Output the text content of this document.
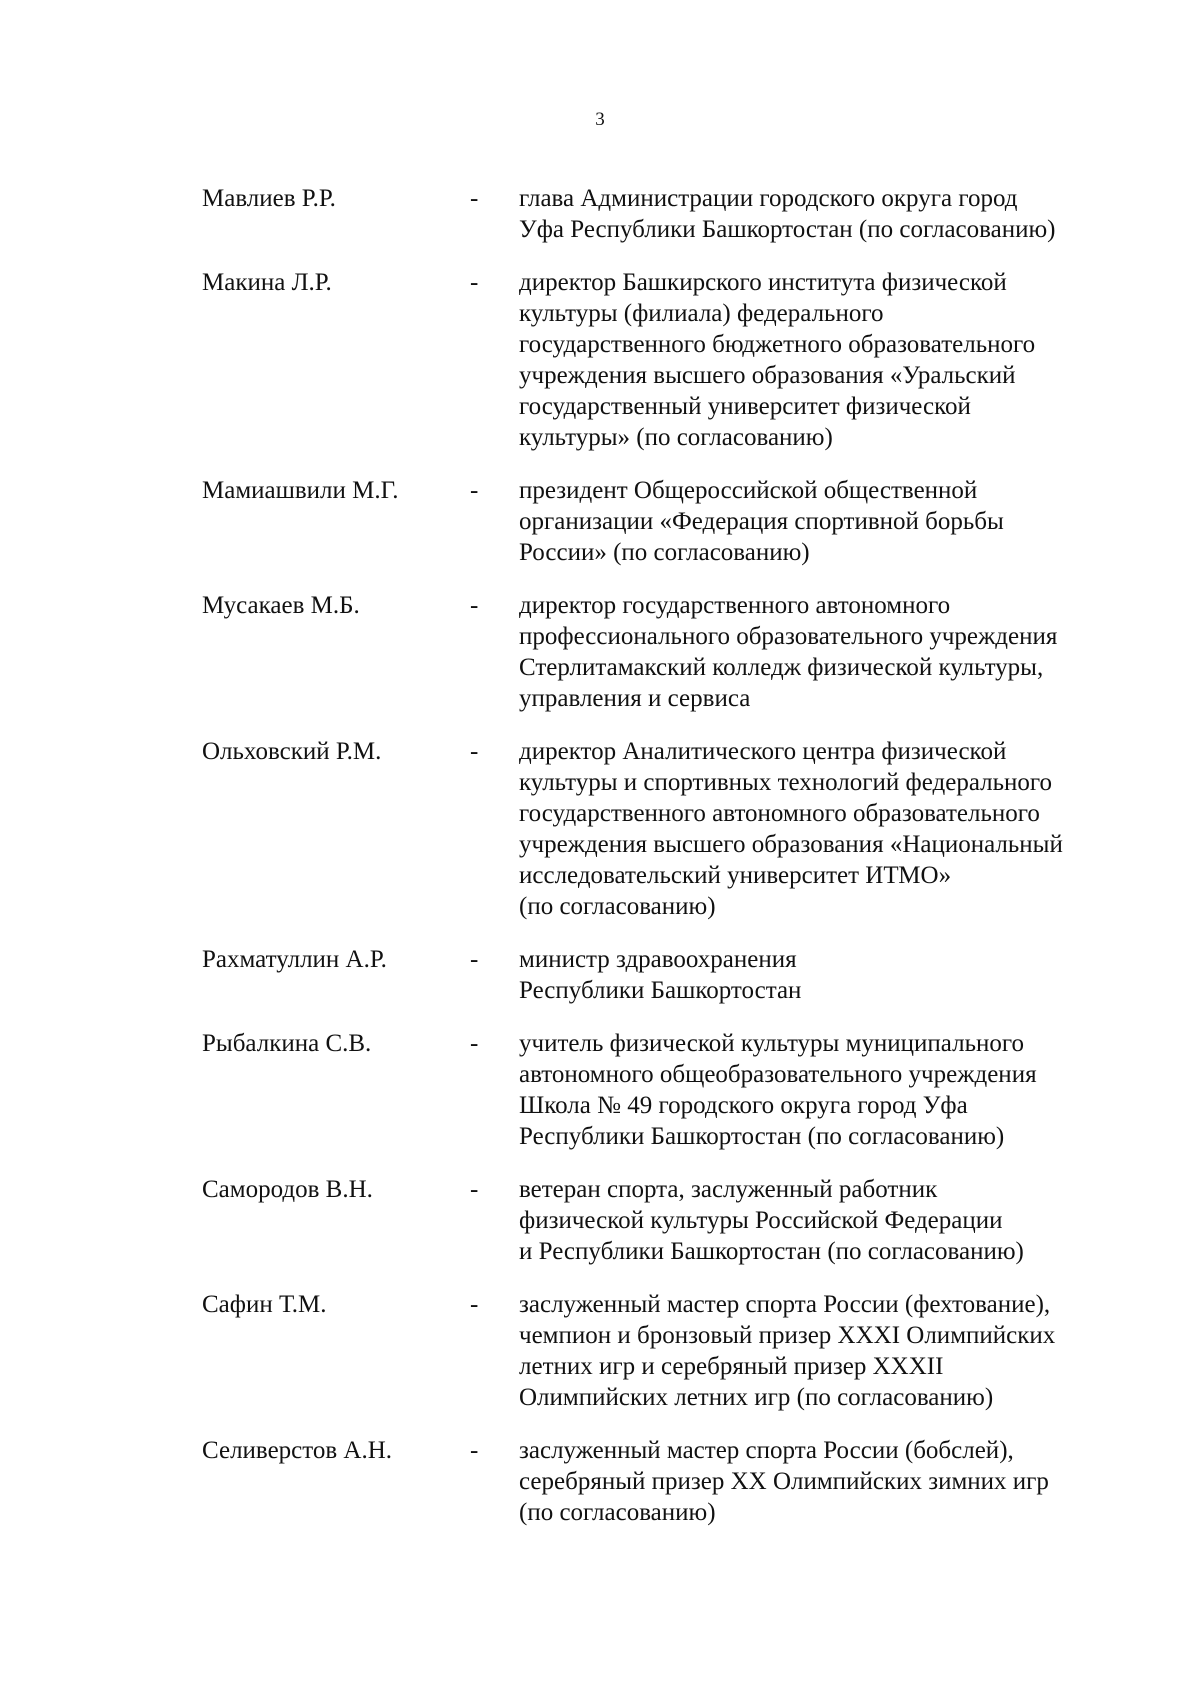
3
Мавлиев Р.Р.	- глава Администрации городского округа город
Уфа Республики Башкортостан (по согласованию)
Макина Л.Р.	- директор Башкирского института физической
культуры (филиала) федерального
государственного бюджетного образовательного
учреждения высшего образования «Уральский
государственный университет физической
культуры» (по согласованию)
Мамиашвили М.Г.	- президент Общероссийской общественной
организации «Федерация спортивной борьбы
России» (по согласованию)
Мусакаев М.Б.	- директор государственного автономного
профессионального образовательного учреждения
Стерлитамакский колледж физической культуры,
управления и сервиса
Ольховский Р.М.	- директор Аналитического центра физической
культуры и спортивных технологий федерального
государственного автономного образовательного
учреждения высшего образования «Национальный
исследовательский университет ИТМО»
(по согласованию)
Рахматуллин А.Р.	- министр здравоохранения
Республики Башкортостан
Рыбалкина С.В.	- учитель физической культуры муниципального
автономного общеобразовательного учреждения
Школа № 49 городского округа город Уфа
Республики Башкортостан (по согласованию)
Самородов В.Н.	- ветеран спорта, заслуженный работник
физической культуры Российской Федерации
и Республики Башкортостан (по согласованию)
Сафин Т.М.	- заслуженный мастер спорта России (фехтование),
чемпион и бронзовый призер XXXI Олимпийских
летних игр и серебряный призер XXXII
Олимпийских летних игр (по согласованию)
Селиверстов А.Н.	- заслуженный мастер спорта России (бобслей),
серебряный призер XX Олимпийских зимних игр
(по согласованию)
